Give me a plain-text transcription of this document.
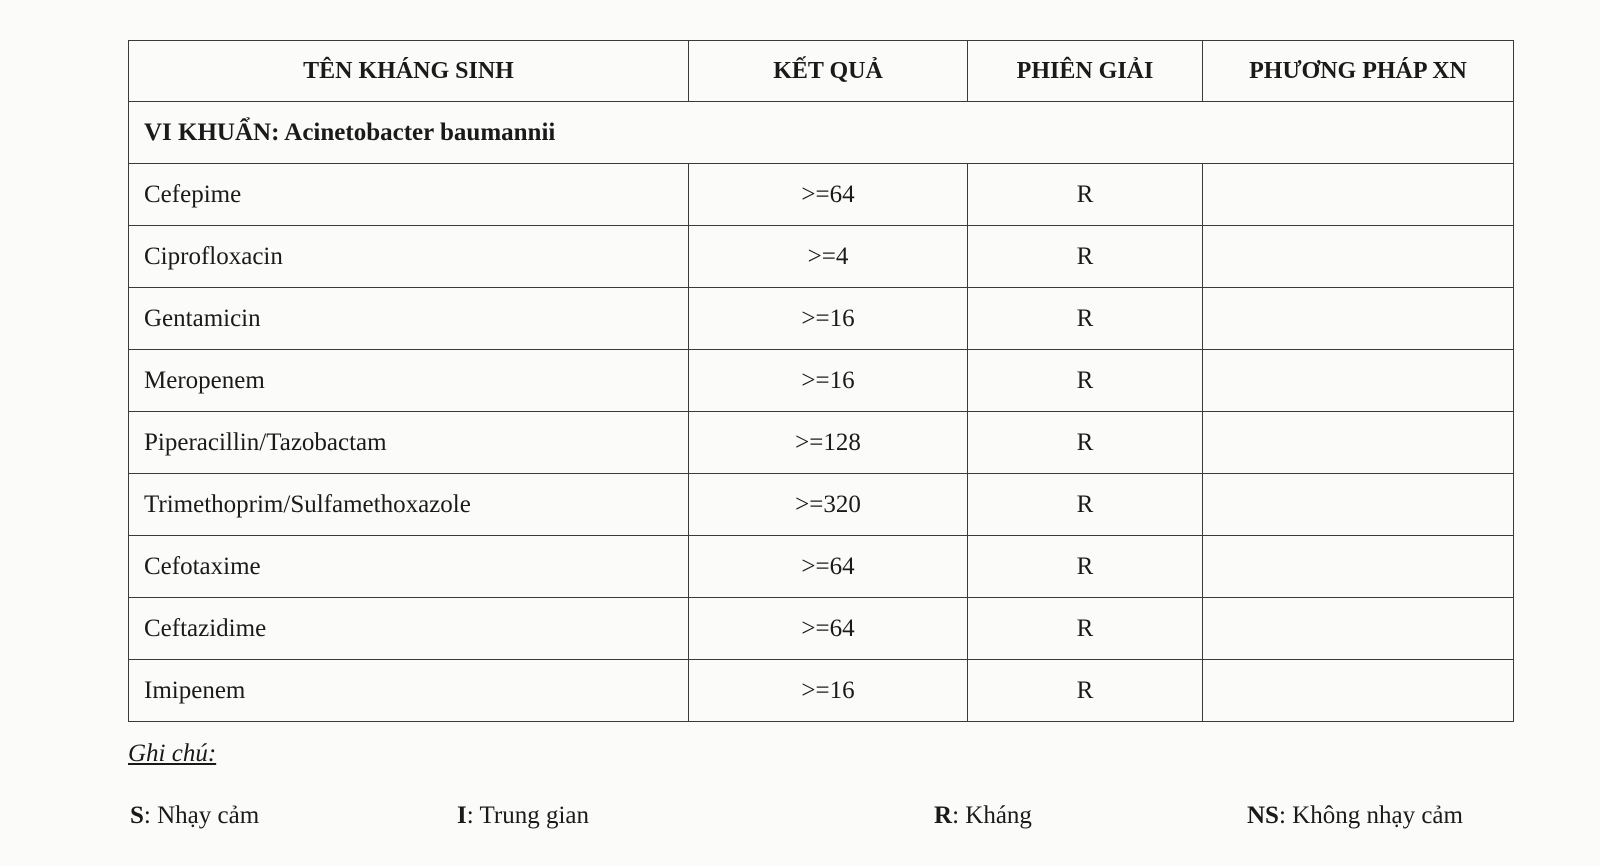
TÊN KHÁNG SINH	KẾT QUẢ	PHIÊN GIẢI	PHƯƠNG PHÁP XN
VI KHUẨN: Acinetobacter baumannii			
Cefepime	>=64	R	
Ciprofloxacin	>=4	R	
Gentamicin	>=16	R	
Meropenem	>=16	R	
Piperacillin/Tazobactam	>=128	R	
Trimethoprim/Sulfamethoxazole	>=320	R	
Cefotaxime	>=64	R	
Ceftazidime	>=64	R	
Imipenem	>=16	R	
Ghi chú:
S: Nhạy cảm	I: Trung gian	R: Kháng	NS: Không nhạy cảm
